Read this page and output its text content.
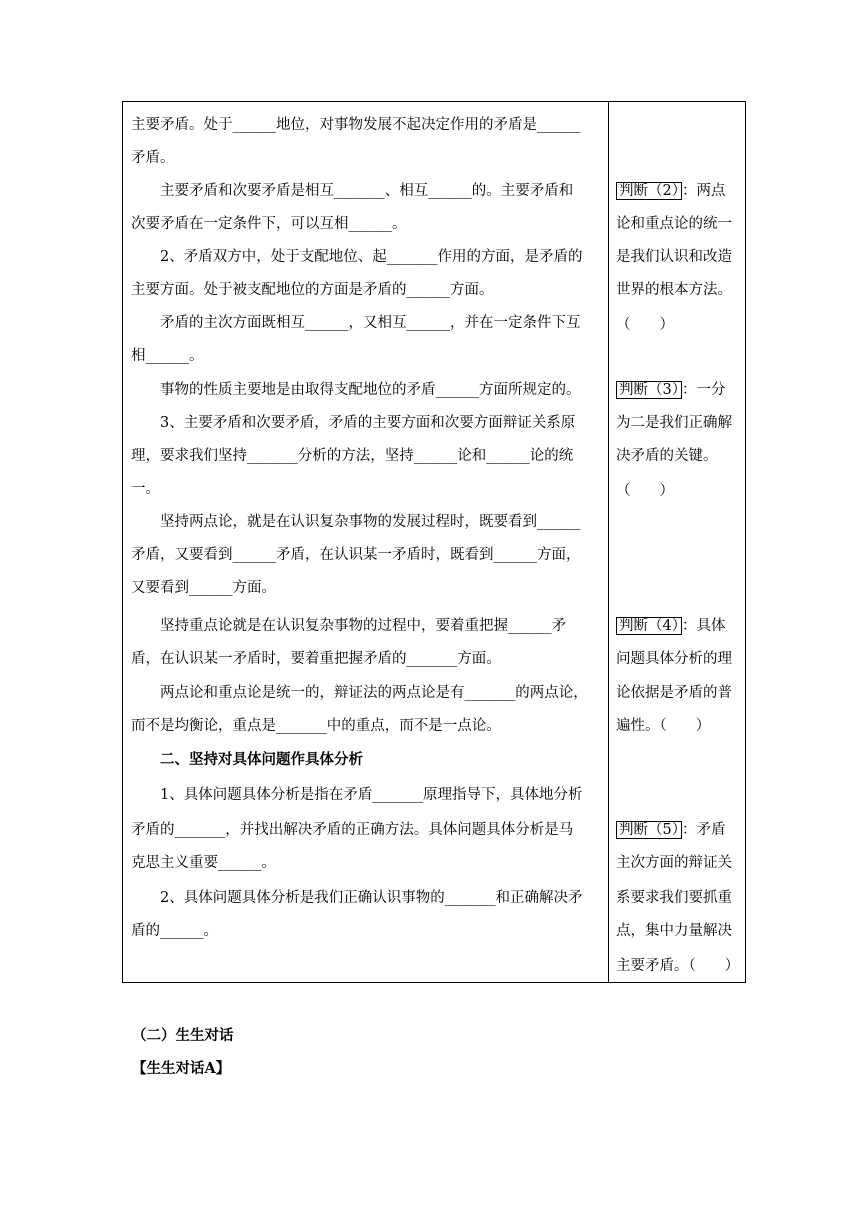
主要矛盾。处于______地位，对事物发展不起决定作用的矛盾是______
矛盾。
主要矛盾和次要矛盾是相互_______、相互______的。主要矛盾和
次要矛盾在一定条件下，可以互相______。
2、矛盾双方中，处于支配地位、起_______作用的方面，是矛盾的
主要方面。处于被支配地位的方面是矛盾的______方面。
矛盾的主次方面既相互______，又相互______，并在一定条件下互
相______。
事物的性质主要地是由取得支配地位的矛盾______方面所规定的。
3、主要矛盾和次要矛盾，矛盾的主要方面和次要方面辩证关系原
理，要求我们坚持_______分析的方法，坚持______论和______论的统
一。
坚持两点论，就是在认识复杂事物的发展过程时，既要看到______
矛盾，又要看到______矛盾，在认识某一矛盾时，既看到______方面，
又要看到______方面。
坚持重点论就是在认识复杂事物的过程中，要着重把握______矛
盾，在认识某一矛盾时，要着重把握矛盾的_______方面。
两点论和重点论是统一的，辩证法的两点论是有_______的两点论，
而不是均衡论，重点是_______中的重点，而不是一点论。
二、坚持对具体问题作具体分析
1、具体问题具体分析是指在矛盾_______原理指导下，具体地分析
矛盾的_______，并找出解决矛盾的正确方法。具体问题具体分析是马
克思主义重要______。
2、具体问题具体分析是我们正确认识事物的_______和正确解决矛
盾的______。
判断（2） ：两点
论和重点论的统一
是我们认识和改造
世界的根本方法。
（　　）
判断（3） ：一分
为二是我们正确解
决矛盾的关键。
（　　）
判断（4） ：具体
问题具体分析的理
论依据是矛盾的普
遍性。（　　）
判断（5） ：矛盾
主次方面的辩证关
系要求我们要抓重
点，集中力量解决
主要矛盾。（　　）
（二）生生对话
【生生对话A】
